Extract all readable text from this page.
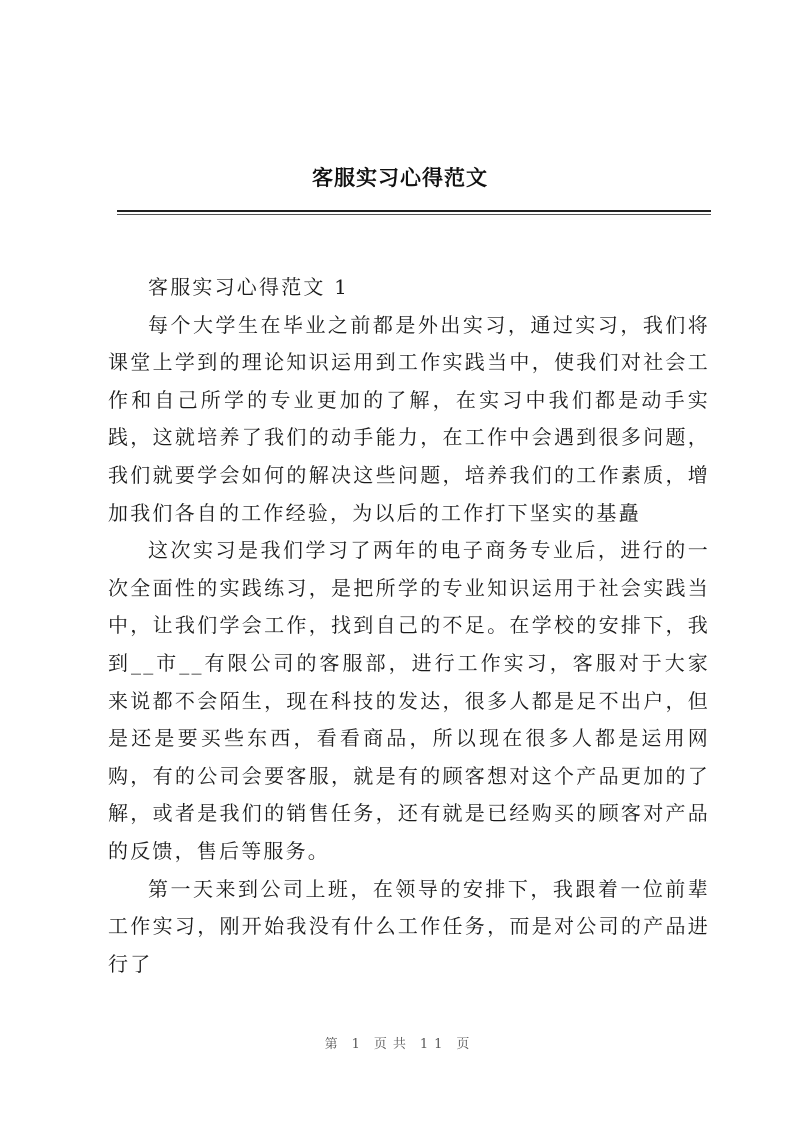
客服实习心得范文

客服实习心得范文 1

每个大学生在毕业之前都是外出实习，通过实习，我们将课堂上学到的理论知识运用到工作实践当中，使我们对社会工作和自己所学的专业更加的了解，在实习中我们都是动手实践，这就培养了我们的动手能力，在工作中会遇到很多问题，我们就要学会如何的解决这些问题，培养我们的工作素质，增加我们各自的工作经验，为以后的工作打下坚实的基矗

这次实习是我们学习了两年的电子商务专业后，进行的一次全面性的实践练习，是把所学的专业知识运用于社会实践当中，让我们学会工作，找到自己的不足。在学校的安排下，我到__市__有限公司的客服部，进行工作实习，客服对于大家来说都不会陌生，现在科技的发达，很多人都是足不出户，但是还是要买些东西，看看商品，所以现在很多人都是运用网购，有的公司会要客服，就是有的顾客想对这个产品更加的了解，或者是我们的销售任务，还有就是已经购买的顾客对产品的反馈，售后等服务。

第一天来到公司上班，在领导的安排下，我跟着一位前辈工作实习，刚开始我没有什么工作任务，而是对公司的产品进行了

第 1 页共 11 页
